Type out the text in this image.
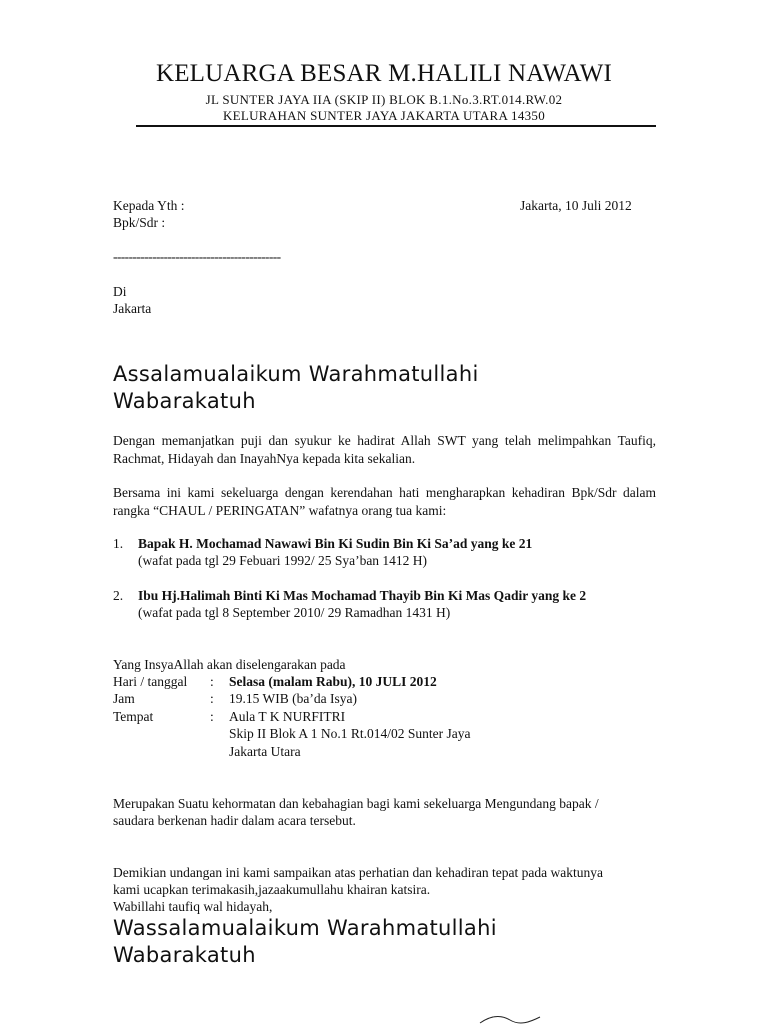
KELUARGA BESAR M.HALILI NAWAWI
JL SUNTER JAYA IIA (SKIP II) BLOK B.1.No.3.RT.014.RW.02
KELURAHAN SUNTER JAYA JAKARTA UTARA 14350
Kepada Yth :
Bpk/Sdr :
Jakarta, 10 Juli 2012
-------------------------------------------
Di
Jakarta
Assalamualaikum Warahmatullahi
Wabarakatuh
Dengan memanjatkan puji dan syukur ke hadirat Allah SWT yang telah melimpahkan Taufiq, Rachmat, Hidayah dan InayahNya kepada kita sekalian.
Bersama ini kami sekeluarga dengan kerendahan hati mengharapkan kehadiran Bpk/Sdr dalam rangka “CHAUL / PERINGATAN” wafatnya orang tua kami:
1. Bapak H. Mochamad Nawawi Bin Ki Sudin Bin Ki Sa’ad yang ke 21
(wafat pada tgl 29 Febuari 1992/ 25 Sya’ban 1412 H)
2. Ibu Hj.Halimah Binti Ki Mas Mochamad Thayib Bin Ki Mas Qadir yang ke 2
(wafat pada tgl 8 September 2010/ 29 Ramadhan 1431 H)
Yang InsyaAllah akan diselengarakan pada
Hari / tanggal : Selasa (malam Rabu), 10 JULI 2012
Jam	: 19.15 WIB (ba’da Isya)
Tempat	: Aula T K NURFITRI
Skip II Blok A 1 No.1 Rt.014/02 Sunter Jaya
Jakarta Utara
Merupakan Suatu kehormatan dan kebahagian bagi kami sekeluarga Mengundang bapak /
saudara berkenan hadir dalam acara tersebut.
Demikian undangan ini kami sampaikan atas perhatian dan kehadiran tepat pada waktunya
kami ucapkan terimakasih,jazaakumullahu khairan katsira.
Wabillahi taufiq wal hidayah,
Wassalamualaikum Warahmatullahi
Wabarakatuh
